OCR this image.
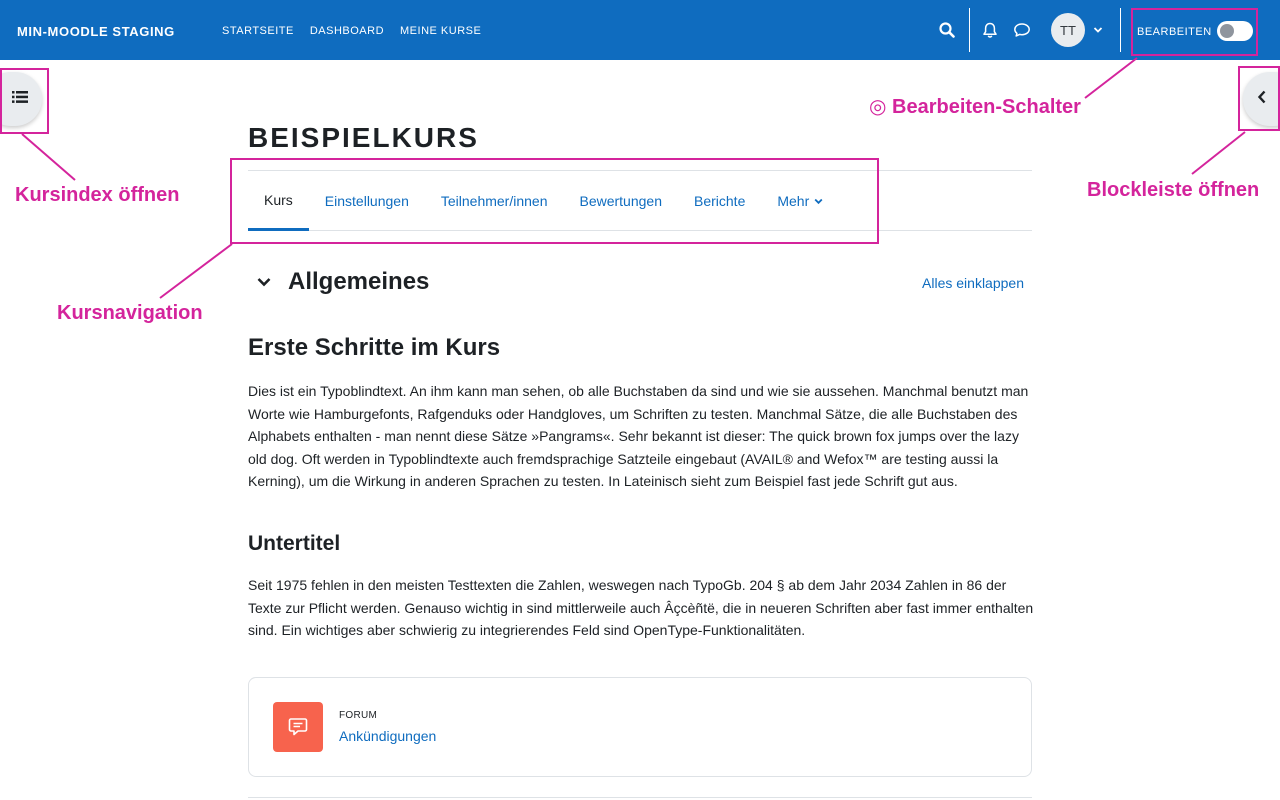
MIN-MOODLE STAGING	STARTSEITE DASHBOARD MEINE KURSE	TT	BEARBEITEN
BEISPIELKURS
Kurs	Einstellungen	Teilnehmer/innen	Bewertungen	Berichte	Mehr
Allgemeines	Alles einklappen
Erste Schritte im Kurs

Dies ist ein Typoblindtext. An ihm kann man sehen, ob alle Buchstaben da sind und wie sie aussehen. Manchmal benutzt man Worte wie Hamburgefonts, Rafgenduks oder Handgloves, um Schriften zu testen. Manchmal Sätze, die alle Buchstaben des Alphabets enthalten - man nennt diese Sätze »Pangrams«. Sehr bekannt ist dieser: The quick brown fox jumps over the lazy old dog. Oft werden in Typoblindtexte auch fremdsprachige Satzteile eingebaut (AVAIL® and Wefox™ are testing aussi la Kerning), um die Wirkung in anderen Sprachen zu testen. In Lateinisch sieht zum Beispiel fast jede Schrift gut aus.

Untertitel

Seit 1975 fehlen in den meisten Testtexten die Zahlen, weswegen nach TypoGb. 204 § ab dem Jahr 2034 Zahlen in 86 der Texte zur Pflicht werden. Genauso wichtig in sind mittlerweile auch Âçcèñtë, die in neueren Schriften aber fast immer enthalten sind. Ein wichtiges aber schwierig zu integrierendes Feld sind OpenType-Funktionalitäten.

FORUM
Ankündigungen
◎ Bearbeiten-Schalter
Kursindex öffnen	Blockleiste öffnen
Kursnavigation
